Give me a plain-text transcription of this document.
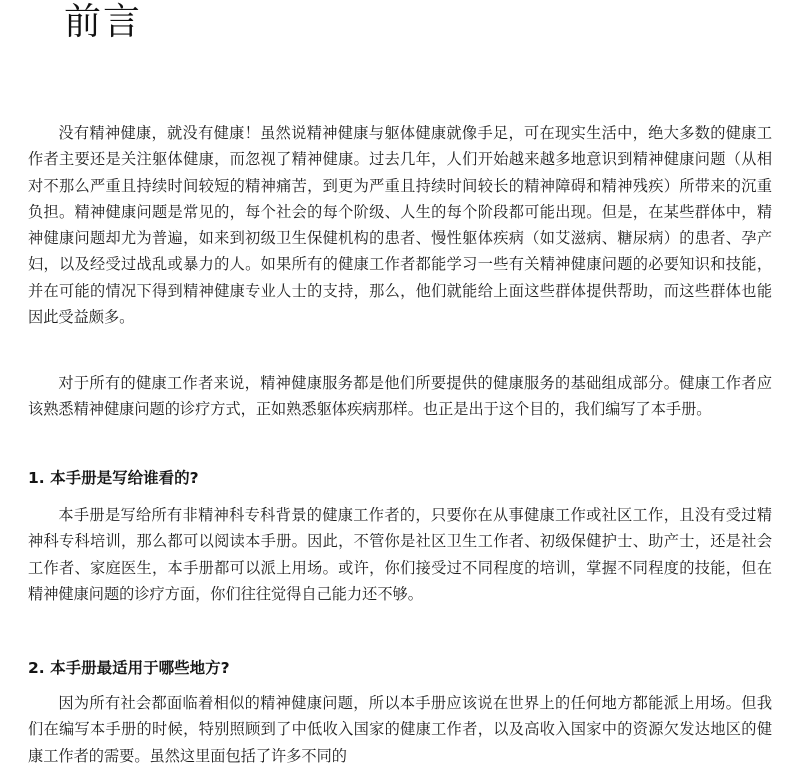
前言

没有精神健康，就没有健康！虽然说精神健康与躯体健康就像手足，可在现实生活中，绝大多数的健康工作者主要还是关注躯体健康，而忽视了精神健康。过去几年，人们开始越来越多地意识到精神健康问题（从相对不那么严重且持续时间较短的精神痛苦，到更为严重且持续时间较长的精神障碍和精神残疾）所带来的沉重负担。精神健康问题是常见的，每个社会的每个阶级、人生的每个阶段都可能出现。但是，在某些群体中，精神健康问题却尤为普遍，如来到初级卫生保健机构的患者、慢性躯体疾病（如艾滋病、糖尿病）的患者、孕产妇，以及经受过战乱或暴力的人。如果所有的健康工作者都能学习一些有关精神健康问题的必要知识和技能，并在可能的情况下得到精神健康专业人士的支持，那么，他们就能给上面这些群体提供帮助，而这些群体也能因此受益颇多。

对于所有的健康工作者来说，精神健康服务都是他们所要提供的健康服务的基础组成部分。健康工作者应该熟悉精神健康问题的诊疗方式，正如熟悉躯体疾病那样。也正是出于这个目的，我们编写了本手册。

1. 本手册是写给谁看的?

本手册是写给所有非精神科专科背景的健康工作者的，只要你在从事健康工作或社区工作，且没有受过精神科专科培训，那么都可以阅读本手册。因此，不管你是社区卫生工作者、初级保健护士、助产士，还是社会工作者、家庭医生，本手册都可以派上用场。或许，你们接受过不同程度的培训，掌握不同程度的技能，但在精神健康问题的诊疗方面，你们往往觉得自己能力还不够。

2. 本手册最适用于哪些地方?

因为所有社会都面临着相似的精神健康问题，所以本手册应该说在世界上的任何地方都能派上用场。但我们在编写本手册的时候，特别照顾到了中低收入国家的健康工作者，以及高收入国家中的资源欠发达地区的健康工作者的需要。虽然这里面包括了许多不同的
